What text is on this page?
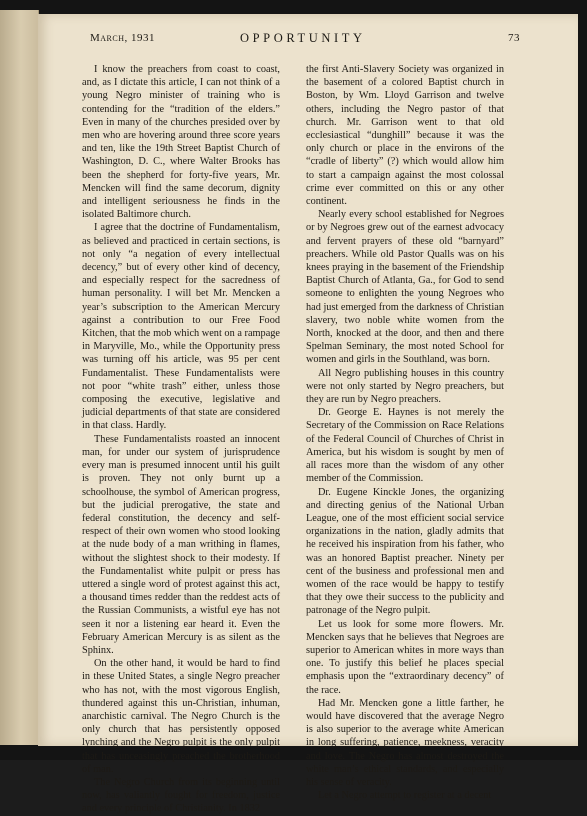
March, 1931	OPPORTUNITY	73

I know the preachers from coast to coast, and, as I dictate this article, I can not think of a young Negro minister of training who is contending for the “tradition of the elders.” Even in many of the churches presided over by men who are hovering around three score years and ten, like the 19th Street Baptist Church of Washington, D. C., where Walter Brooks has been the shepherd for forty-five years, Mr. Mencken will find the same decorum, dignity and intelligent seriousness he finds in the isolated Baltimore church.

I agree that the doctrine of Fundamentalism, as believed and practiced in certain sections, is not only “a negation of every intellectual decency,” but of every other kind of decency, and especially respect for the sacredness of human personality. I will bet Mr. Mencken a year’s subscription to the American Mercury against a contribution to our Free Food Kitchen, that the mob which went on a rampage in Maryville, Mo., while the Opportunity press was turning off his article, was 95 per cent Fundamentalist. These Fundamentalists were not poor “white trash” either, unless those composing the executive, legislative and judicial departments of that state are considered in that class. Hardly.

These Fundamentalists roasted an innocent man, for under our system of jurisprudence every man is presumed innocent until his guilt is proven. They not only burnt up a schoolhouse, the symbol of American progress, but the judicial prerogative, the state and federal constitution, the decency and self-respect of their own women who stood looking at the nude body of a man writhing in flames, without the slightest shock to their modesty. If the Fundamentalist white pulpit or press has uttered a single word of protest against this act, a thousand times redder than the reddest acts of the Russian Communists, a wistful eye has not seen it nor a listening ear heard it. Even the February American Mercury is as silent as the Sphinx.

On the other hand, it would be hard to find in these United States, a single Negro preacher who has not, with the most vigorous English, thundered against this un-Christian, inhuman, anarchistic carnival. The Negro Church is the only church that has persistently opposed lynching and the Negro pulpit is the only pulpit that has unceasingly preached the brotherhood of man.

The Negro Church from its beginning until now, has valiantly fought for freedom, justice and every principle of Christianity. In 1832

the first Anti-Slavery Society was organized in the basement of a colored Baptist church in Boston, by Wm. Lloyd Garrison and twelve others, including the Negro pastor of that church. Mr. Garrison went to that old ecclesiastical “dunghill” because it was the only church or place in the environs of the “cradle of liberty” (?) which would allow him to start a campaign against the most colossal crime ever committed on this or any other continent.

Nearly every school established for Negroes or by Negroes grew out of the earnest advocacy and fervent prayers of these old “barnyard” preachers. While old Pastor Qualls was on his knees praying in the basement of the Friendship Baptist Church of Atlanta, Ga., for God to send someone to enlighten the young Negroes who had just emerged from the darkness of Christian slavery, two noble white women from the North, knocked at the door, and then and there Spelman Seminary, the most noted School for women and girls in the Southland, was born.

All Negro publishing houses in this country were not only started by Negro preachers, but they are run by Negro preachers.

Dr. George E. Haynes is not merely the Secretary of the Commission on Race Relations of the Federal Council of Churches of Christ in America, but his wisdom is sought by men of all races more than the wisdom of any other member of the Commission.

Dr. Eugene Kinckle Jones, the organizing and directing genius of the National Urban League, one of the most efficient social service organizations in the nation, gladly admits that he received his inspiration from his father, who was an honored Baptist preacher. Ninety per cent of the business and professional men and women of the race would be happy to testify that they owe their success to the publicity and patronage of the Negro pulpit.

Let us look for some more flowers. Mr. Mencken says that he believes that Negroes are superior to American whites in more ways than one. To justify this belief he places special emphasis upon the “extraordinary decency” of the race.

Had Mr. Mencken gone a little farther, he would have discovered that the average Negro is also superior to the average white American in long suffering, patience, meekness, veracity and love. The Negro has almost destroyed the white man’s ethical standards, and especially his sense of veracity.

Let a Negro attempt to register at a decent
